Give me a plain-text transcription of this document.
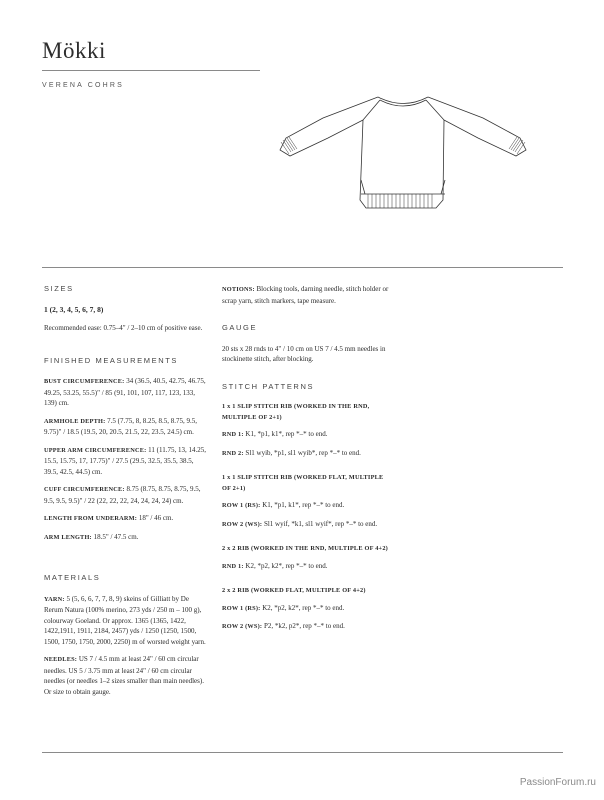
Mökki
VERENA COHRS
SIZES
1 (2, 3, 4, 5, 6, 7, 8)

Recommended ease: 0.75–4" / 2–10 cm of positive ease.

FINISHED MEASUREMENTS

BUST CIRCUMFERENCE: 34 (36.5, 40.5, 42.75, 46.75, 49.25, 53.25, 55.5)" / 85 (91, 101, 107, 117, 123, 133, 139) cm.

ARMHOLE DEPTH: 7.5 (7.75, 8, 8.25, 8.5, 8.75, 9.5, 9.75)" / 18.5 (19.5, 20, 20.5, 21.5, 22, 23.5, 24.5) cm.

UPPER ARM CIRCUMFERENCE: 11 (11.75, 13, 14.25, 15.5, 15.75, 17, 17.75)" / 27.5 (29.5, 32.5, 35.5, 38.5, 39.5, 42.5, 44.5) cm.

CUFF CIRCUMFERENCE: 8.75 (8.75, 8.75, 8.75, 9.5, 9.5, 9.5, 9.5)" / 22 (22, 22, 22, 24, 24, 24, 24) cm.

LENGTH FROM UNDERARM: 18" / 46 cm.

ARM LENGTH: 18.5" / 47.5 cm.

MATERIALS

YARN: 5 (5, 6, 6, 7, 7, 8, 9) skeins of Gilliatt by De Rerum Natura (100% merino, 273 yds / 250 m – 100 g), colourway Goeland. Or approx. 1365 (1365, 1422, 1422,1911, 1911, 2184, 2457) yds / 1250 (1250, 1500, 1500, 1750, 1750, 2000, 2250) m of worsted weight yarn.

NEEDLES: US 7 / 4.5 mm at least 24" / 60 cm circular needles. US 5 / 3.75 mm at least 24" / 60 cm circular needles (or needles 1–2 sizes smaller than main needles). Or size to obtain gauge.

NOTIONS: Blocking tools, darning needle, stitch holder or scrap yarn, stitch markers, tape measure.

GAUGE

20 sts x 28 rnds to 4" / 10 cm on US 7 / 4.5 mm needles in stockinette stitch, after blocking.

STITCH PATTERNS
1 x 1 SLIP STITCH RIB (WORKED IN THE RND, MULTIPLE OF 2+1)

RND 1: K1, *p1, k1*, rep *–* to end.

RND 2: Sl1 wyib, *p1, sl1 wyib*, rep *–* to end.

1 x 1 SLIP STITCH RIB (WORKED FLAT, MULTIPLE OF 2+1)

ROW 1 (RS): K1, *p1, k1*, rep *–* to end.

ROW 2 (WS): Sl1 wyif, *k1, sl1 wyif*, rep *–* to end.

2 x 2 RIB (WORKED IN THE RND, MULTIPLE OF 4+2)

RND 1: K2, *p2, k2*, rep *–* to end.

2 x 2 RIB (WORKED FLAT, MULTIPLE OF 4+2)

ROW 1 (RS): K2, *p2, k2*, rep *–* to end.

ROW 2 (WS): P2, *k2, p2*, rep *–* to end.

PassionForum.ru
